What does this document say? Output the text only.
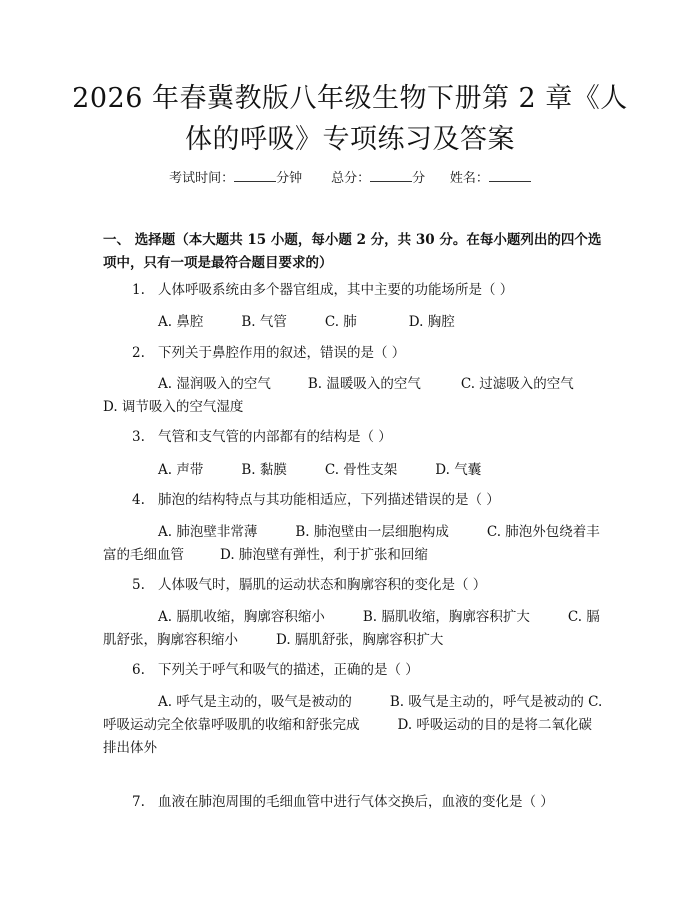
2026 年春冀教版八年级生物下册第 2 章《人
体的呼吸》专项练习及答案
考试时间：	分钟 总分：	分 姓名：
一、 选择题（本大题共 15 小题，每小题 2 分，共 30 分。在每小题列出的四个选
项中，只有一项是最符合题目要求的）
1. 人体呼吸系统由多个器官组成，其中主要的功能场所是（ ）
A. 鼻腔	B. 气管	C. 肺	D. 胸腔
2. 下列关于鼻腔作用的叙述，错误的是（ ）
A. 湿润吸入的空气	B. 温暖吸入的空气	C. 过滤吸入的空气 D. 调节吸入的空气湿度
3. 气管和支气管的内部都有的结构是（ ）
A. 声带	B. 黏膜	C. 骨性支架	D. 气囊
4. 肺泡的结构特点与其功能相适应，下列描述错误的是（ ）
A. 肺泡壁非常薄	B. 肺泡壁由一层细胞构成	C. 肺泡外包绕着丰富的毛细血管	D. 肺泡壁有弹性，利于扩张和回缩
5. 人体吸气时，膈肌的运动状态和胸廓容积的变化是（ ）
A. 膈肌收缩，胸廓容积缩小	B. 膈肌收缩，胸廓容积扩大	C. 膈肌舒张，胸廓容积缩小	D. 膈肌舒张，胸廓容积扩大
6. 下列关于呼气和吸气的描述，正确的是（ ）
A. 呼气是主动的，吸气是被动的	B. 吸气是主动的，呼气是被动的 C. 呼吸运动完全依靠呼吸肌的收缩和舒张完成	D. 呼吸运动的目的是将二氧化碳排出体外
7. 血液在肺泡周围的毛细血管中进行气体交换后，血液的变化是（ ）
